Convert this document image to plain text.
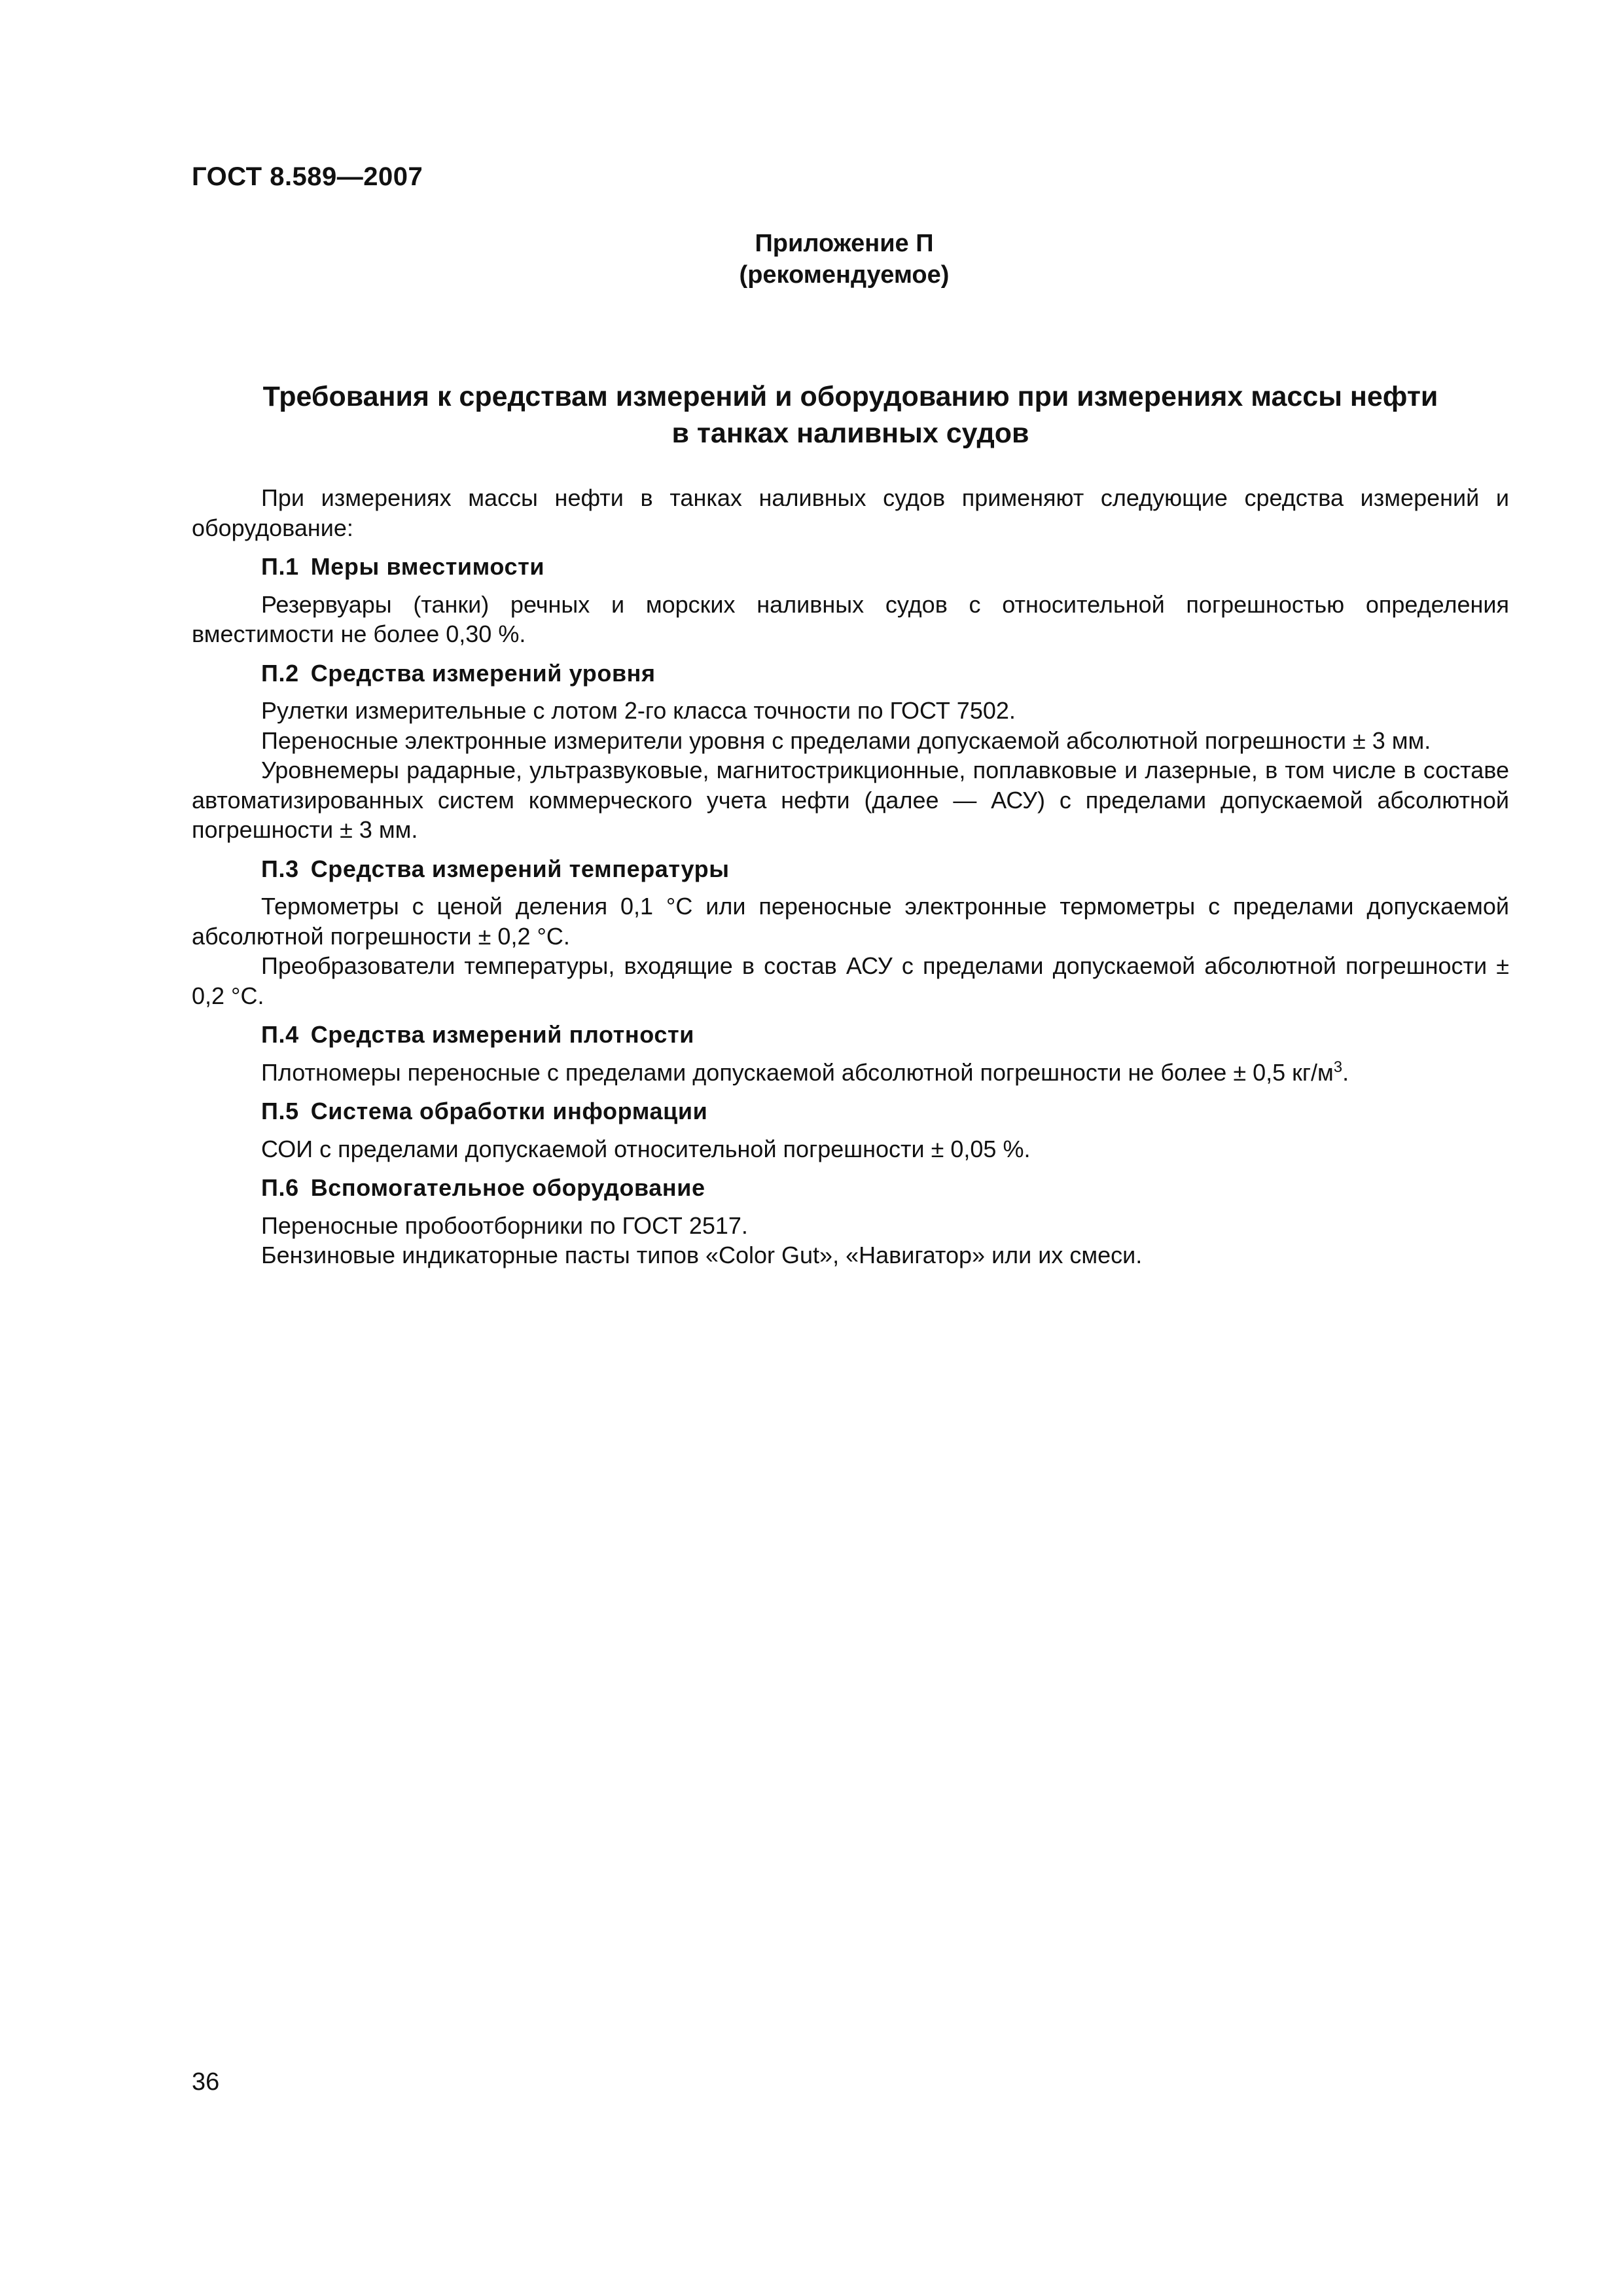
ГОСТ 8.589—2007
Приложение П
(рекомендуемое)
Требования к средствам измерений и оборудованию при измерениях массы нефти
в танках наливных судов

При измерениях массы нефти в танках наливных судов применяют следующие средства измерений и оборудование:

П.1 Меры вместимости

Резервуары (танки) речных и морских наливных судов с относительной погрешностью определения вместимости не более 0,30 %.

П.2 Средства измерений уровня

Рулетки измерительные с лотом 2-го класса точности по ГОСТ 7502.

Переносные электронные измерители уровня с пределами допускаемой абсолютной погрешности ± 3 мм.

Уровнемеры радарные, ультразвуковые, магнитострикционные, поплавковые и лазерные, в том числе в составе автоматизированных систем коммерческого учета нефти (далее — АСУ) с пределами допускаемой абсолютной погрешности ± 3 мм.

П.3 Средства измерений температуры

Термометры с ценой деления 0,1 °С или переносные электронные термометры с пределами допускаемой абсолютной погрешности ± 0,2 °С.

Преобразователи температуры, входящие в состав АСУ с пределами допускаемой абсолютной погрешности ± 0,2 °С.

П.4 Средства измерений плотности

Плотномеры переносные с пределами допускаемой абсолютной погрешности не более ± 0,5 $кг/м^3$.

П.5 Система обработки информации

СОИ с пределами допускаемой относительной погрешности ± 0,05 %.

П.6 Вспомогательное оборудование

Переносные пробоотборники по ГОСТ 2517.

Бензиновые индикаторные пасты типов «Color Gut», «Навигатор» или их смеси.

36
